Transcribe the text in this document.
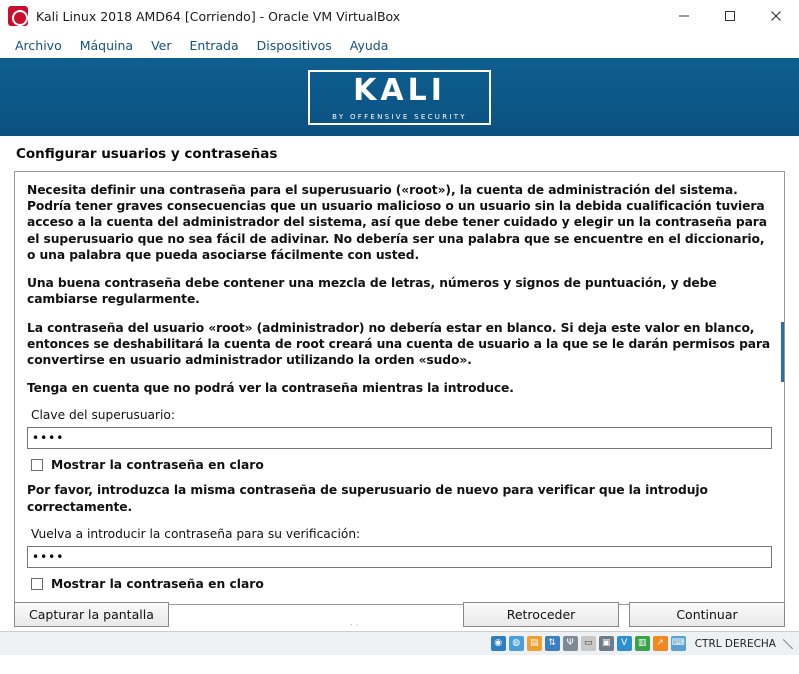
Kali Linux 2018 AMD64 [Corriendo] - Oracle VM VirtualBox
Archivo	Máquina	Ver	Entrada	Dispositivos	Ayuda
KALI
BY OFFENSIVE SECURITY
Configurar usuarios y contraseñas

Necesita definir una contraseña para el superusuario («root»), la cuenta de administración del sistema. Podría tener graves consecuencias que un usuario malicioso o un usuario sin la debida cualificación tuviera acceso a la cuenta del administrador del sistema, así que debe tener cuidado y elegir un la contraseña para el superusuario que no sea fácil de adivinar. No debería ser una palabra que se encuentre en el diccionario, o una palabra que pueda asociarse fácilmente con usted.

Una buena contraseña debe contener una mezcla de letras, números y signos de puntuación, y debe cambiarse regularmente.

La contraseña del usuario «root» (administrador) no debería estar en blanco. Si deja este valor en blanco, entonces se deshabilitará la cuenta de root creará una cuenta de usuario a la que se le darán permisos para convertirse en usuario administrador utilizando la orden «sudo».

Tenga en cuenta que no podrá ver la contraseña mientras la introduce.

Clave del superusuario:
••••
Mostrar la contraseña en claro

Por favor, introduzca la misma contraseña de superusuario de nuevo para verificar que la introdujo correctamente.

Vuelva a introducir la contraseña para su verificación:
••••
Mostrar la contraseña en claro
Capturar la pantalla	Retroceder	Continuar
. .
◉	◍	▤	⇅	Ψ	▭	▣	V	▥	↗ ⌨ CTRL DERECHA
